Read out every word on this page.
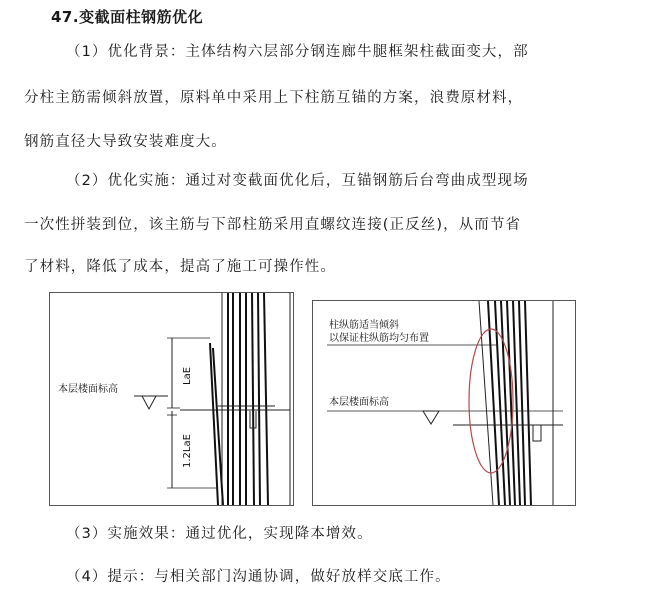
47.变截面柱钢筋优化
（1）优化背景：主体结构六层部分钢连廊牛腿框架柱截面变大，部
分柱主筋需倾斜放置，原料单中采用上下柱筋互锚的方案，浪费原材料，
钢筋直径大导致安装难度大。
（2）优化实施：通过对变截面优化后，互锚钢筋后台弯曲成型现场
一次性拼装到位，该主筋与下部柱筋采用直螺纹连接(正反丝)，从而节省
了材料，降低了成本，提高了施工可操作性。
本层楼面标高
LaE
1.2LaE
柱纵筋适当倾斜
以保证柱纵筋均匀布置
本层楼面标高
（3）实施效果：通过优化，实现降本增效。
（4）提示：与相关部门沟通协调，做好放样交底工作。
